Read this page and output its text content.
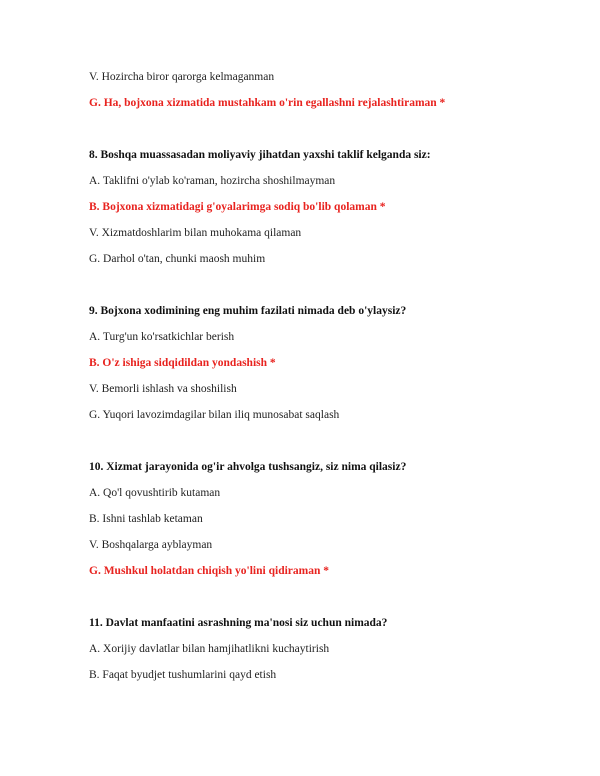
V. Hozircha biror qarorga kelmaganman
G. Ha, bojxona xizmatida mustahkam o'rin egallashni rejalashtiraman *
8. Boshqa muassasadan moliyaviy jihatdan yaxshi taklif kelganda siz:
A. Taklifni o'ylab ko'raman, hozircha shoshilmayman
B. Bojxona xizmatidagi g'oyalarimga sodiq bo'lib qolaman *
V. Xizmatdoshlarim bilan muhokama qilaman
G. Darhol o'tan, chunki maosh muhim
9. Bojxona xodimining eng muhim fazilati nimada deb o'ylaysiz?
A. Turg'un ko'rsatkichlar berish
B. O'z ishiga sidqidildan yondashish *
V. Bemorli ishlash va shoshilish
G. Yuqori lavozimdagilar bilan iliq munosabat saqlash
10. Xizmat jarayonida og'ir ahvolga tushsangiz, siz nima qilasiz?
A. Qo'l qovushtirib kutaman
B. Ishni tashlab ketaman
V. Boshqalarga ayblayman
G. Mushkul holatdan chiqish yo'lini qidiraman *
11. Davlat manfaatini asrashning ma'nosi siz uchun nimada?
A. Xorijiy davlatlar bilan hamjihatlikni kuchaytirish
B. Faqat byudjet tushumlarini qayd etish
